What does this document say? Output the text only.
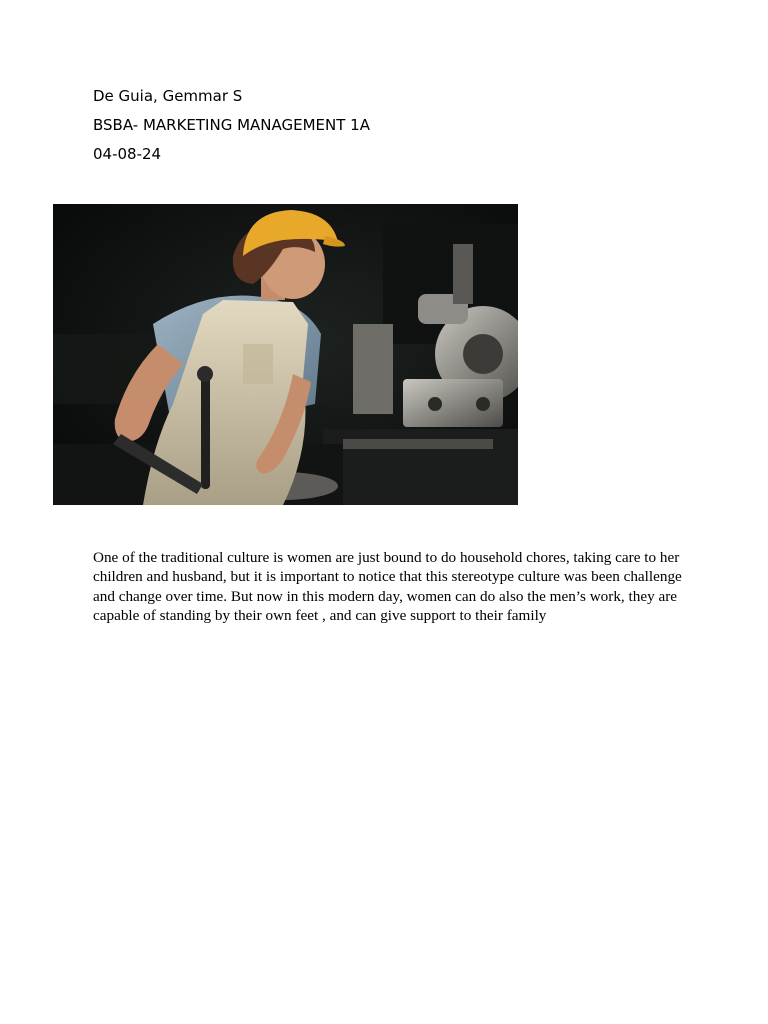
De Guia, Gemmar S
BSBA- MARKETING MANAGEMENT 1A
04-08-24

One of the traditional culture is women are just bound to do household chores, taking care to her children and husband, but it is important to notice that this stereotype culture was been challenge and change over time. But now in this modern day, women can do also the men’s work, they are capable of standing by their own feet , and can give support to their family
